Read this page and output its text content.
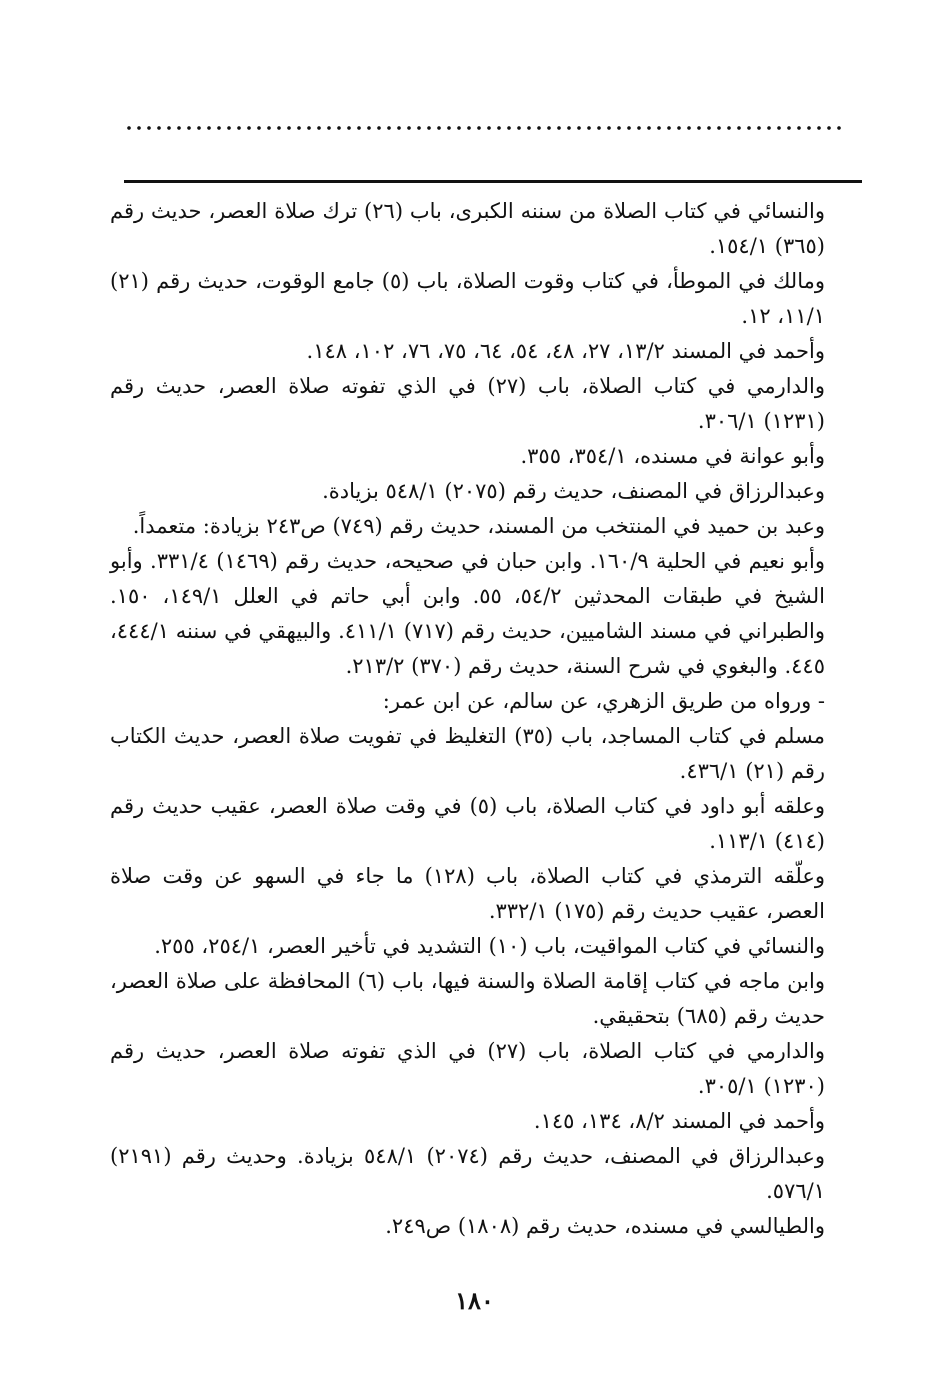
والنسائي في كتاب الصلاة من سننه الكبرى، باب (٢٦) ترك صلاة العصر، حديث رقم (٣٦٥) ١٥٤/١.

ومالك في الموطأ، في كتاب وقوت الصلاة، باب (٥) جامع الوقوت، حديث رقم (٢١) ١١/١، ١٢.

وأحمد في المسند ١٣/٢، ٢٧، ٤٨، ٥٤، ٦٤، ٧٥، ٧٦، ١٠٢، ١٤٨.

والدارمي في كتاب الصلاة، باب (٢٧) في الذي تفوته صلاة العصر، حديث رقم (١٢٣١) ٣٠٦/١.

وأبو عوانة في مسنده، ٣٥٤/١، ٣٥٥.

وعبدالرزاق في المصنف، حديث رقم (٢٠٧٥) ٥٤٨/١ بزيادة.

وعبد بن حميد في المنتخب من المسند، حديث رقم (٧٤٩) ص٢٤٣ بزيادة: متعمداً.

وأبو نعيم في الحلية ١٦٠/٩. وابن حبان في صحيحه، حديث رقم (١٤٦٩) ٣٣١/٤. وأبو الشيخ في طبقات المحدثين ٥٤/٢، ٥٥. وابن أبي حاتم في العلل ١٤٩/١، ١٥٠. والطبراني في مسند الشاميين، حديث رقم (٧١٧) ٤١١/١. والبيهقي في سننه ٤٤٤/١، ٤٤٥. والبغوي في شرح السنة، حديث رقم (٣٧٠) ٢١٣/٢.

- ورواه من طريق الزهري، عن سالم، عن ابن عمر:

مسلم في كتاب المساجد، باب (٣٥) التغليظ في تفويت صلاة العصر، حديث الكتاب رقم (٢١) ٤٣٦/١.

وعلقه أبو داود في كتاب الصلاة، باب (٥) في وقت صلاة العصر، عقيب حديث رقم (٤١٤) ١١٣/١.

وعلّقه الترمذي في كتاب الصلاة، باب (١٢٨) ما جاء في السهو عن وقت صلاة العصر، عقيب حديث رقم (١٧٥) ٣٣٢/١.

والنسائي في كتاب المواقيت، باب (١٠) التشديد في تأخير العصر، ٢٥٤/١، ٢٥٥.

وابن ماجه في كتاب إقامة الصلاة والسنة فيها، باب (٦) المحافظة على صلاة العصر، حديث رقم (٦٨٥) بتحقيقي.

والدارمي في كتاب الصلاة، باب (٢٧) في الذي تفوته صلاة العصر، حديث رقم (١٢٣٠) ٣٠٥/١.

وأحمد في المسند ٨/٢، ١٣٤، ١٤٥.

وعبدالرزاق في المصنف، حديث رقم (٢٠٧٤) ٥٤٨/١ بزيادة. وحديث رقم (٢١٩١) ٥٧٦/١.

والطيالسي في مسنده، حديث رقم (١٨٠٨) ص٢٤٩.

١٨٠
